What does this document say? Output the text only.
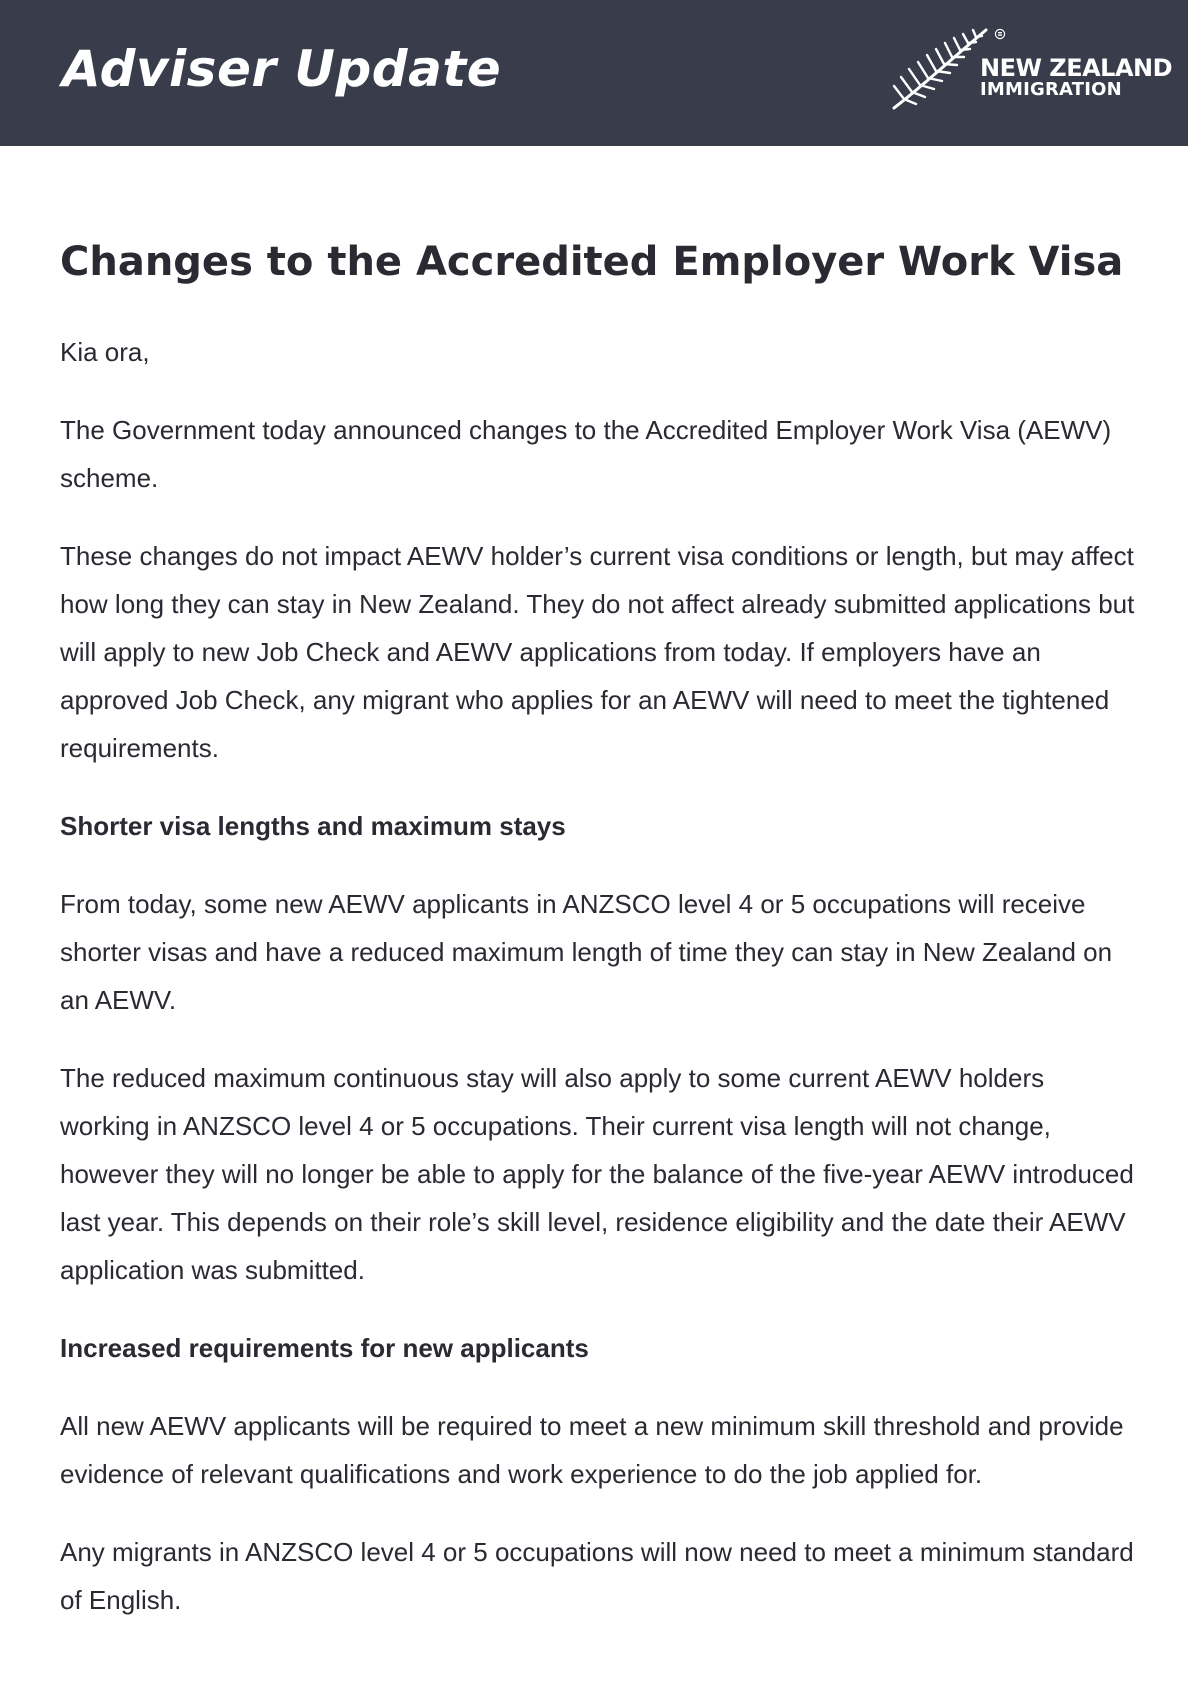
Adviser Update	NEW ZEALAND
IMMIGRATION
Changes to the Accredited Employer Work Visa

Kia ora,

The Government today announced changes to the Accredited Employer Work Visa (AEWV) scheme.

These changes do not impact AEWV holder’s current visa conditions or length, but may affect how long they can stay in New Zealand. They do not affect already submitted applications but will apply to new Job Check and AEWV applications from today. If employers have an approved Job Check, any migrant who applies for an AEWV will need to meet the tightened requirements.

Shorter visa lengths and maximum stays

From today, some new AEWV applicants in ANZSCO level 4 or 5 occupations will receive shorter visas and have a reduced maximum length of time they can stay in New Zealand on an AEWV.

The reduced maximum continuous stay will also apply to some current AEWV holders working in ANZSCO level 4 or 5 occupations. Their current visa length will not change, however they will no longer be able to apply for the balance of the five-year AEWV introduced last year. This depends on their role’s skill level, residence eligibility and the date their AEWV application was submitted.

Increased requirements for new applicants

All new AEWV applicants will be required to meet a new minimum skill threshold and provide evidence of relevant qualifications and work experience to do the job applied for.

Any migrants in ANZSCO level 4 or 5 occupations will now need to meet a minimum standard of English.
